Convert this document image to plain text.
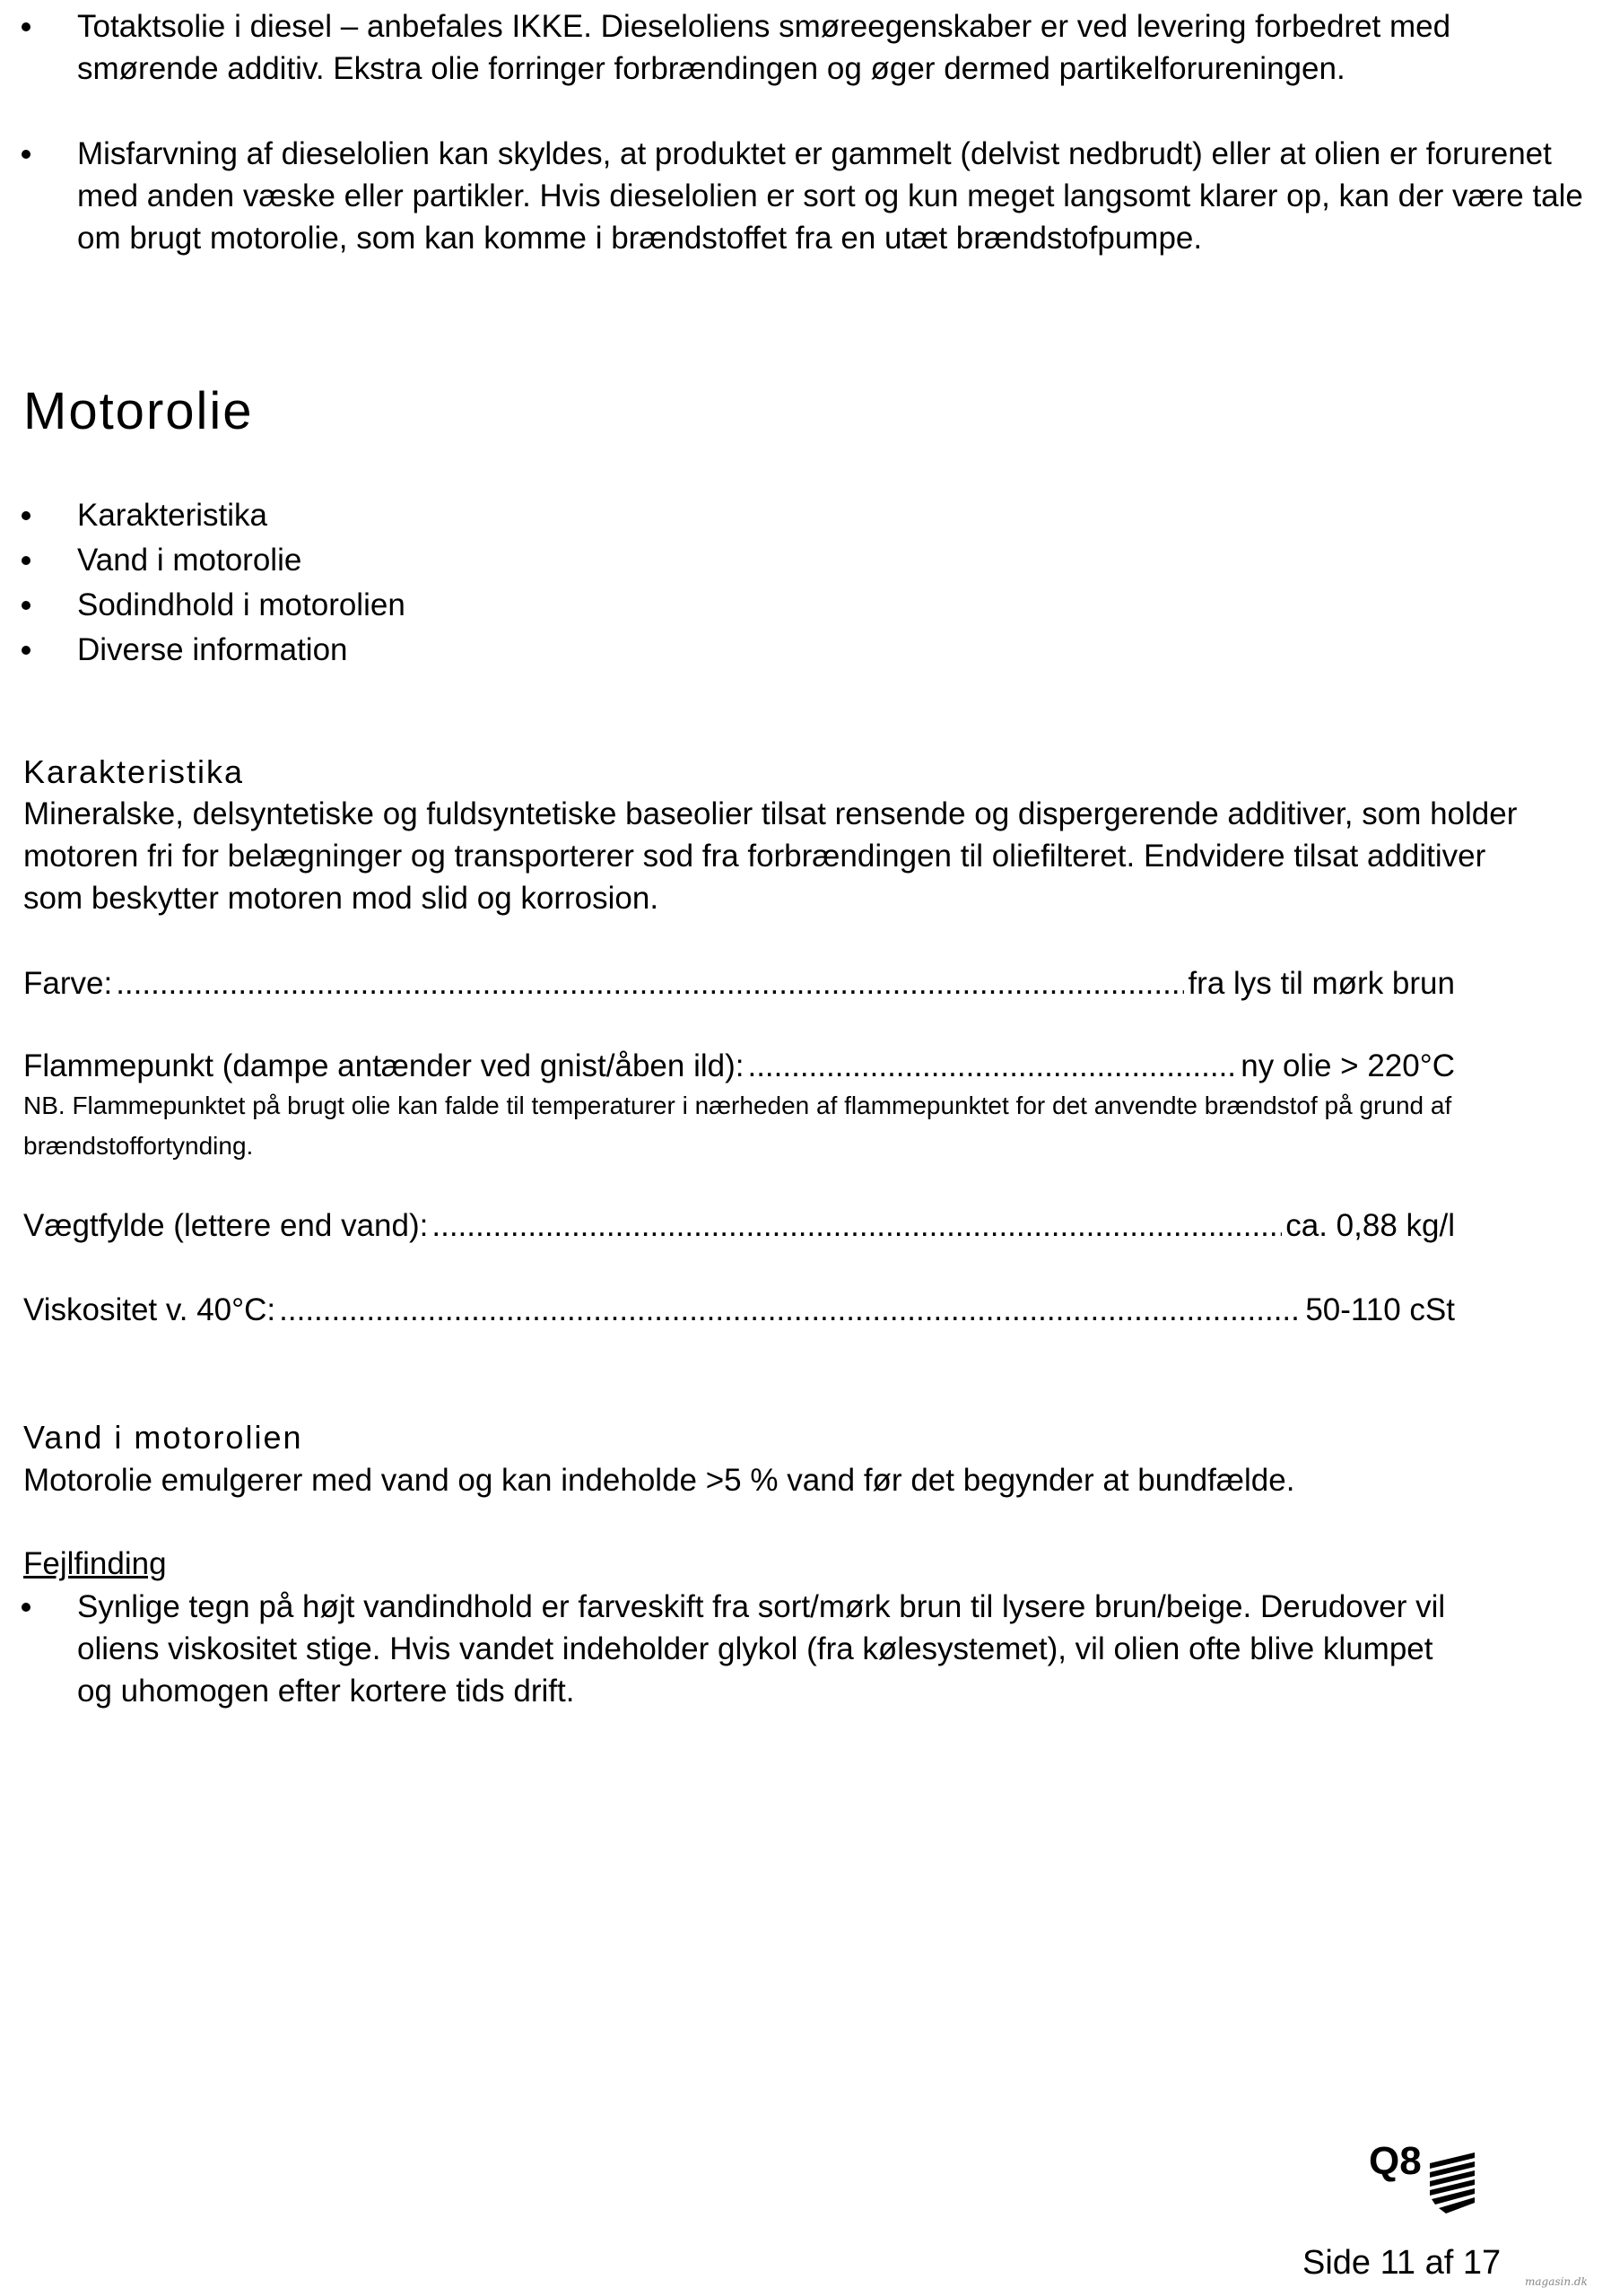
Totaktsolie i diesel – anbefales IKKE. Dieseloliens smøreegenskaber er ved levering forbedret med smørende additiv. Ekstra olie forringer forbrændingen og øger dermed partikelforureningen.
Misfarvning af dieselolien kan skyldes, at produktet er gammelt (delvist nedbrudt) eller at olien er forurenet med anden væske eller partikler. Hvis dieselolien er sort og kun meget langsomt klarer op, kan der være tale om brugt motorolie, som kan komme i brændstoffet fra en utæt brændstofpumpe.
Motorolie
Karakteristika
Vand i motorolie
Sodindhold i motorolien
Diverse information
Karakteristika
Mineralske, delsyntetiske og fuldsyntetiske baseolier tilsat rensende og dispergerende additiver, som holder motoren fri for belægninger og transporterer sod fra forbrændingen til oliefilteret. Endvidere tilsat additiver som beskytter motoren mod slid og korrosion.
Farve: .....	fra lys til mørk brun
Flammepunkt (dampe antænder ved gnist/åben ild): .....	ny olie > 220°C
NB. Flammepunktet på brugt olie kan falde til temperaturer i nærheden af flammepunktet for det anvendte brændstof på grund af brændstoffortynding.
Vægtfylde (lettere end vand): .....	ca. 0,88 kg/l
Viskositet v. 40°C: .....	50-110 cSt
Vand i motorolien
Motorolie emulgerer med vand og kan indeholde >5 % vand før det begynder at bundfælde.
Fejlfinding
Synlige tegn på højt vandindhold er farveskift fra sort/mørk brun til lysere brun/beige. Derudover vil oliens viskositet stige. Hvis vandet indeholder glykol (fra kølesystemet), vil olien ofte blive klumpet og uhomogen efter kortere tids drift.
Q8
Side 11 af 17 magasin.dk
